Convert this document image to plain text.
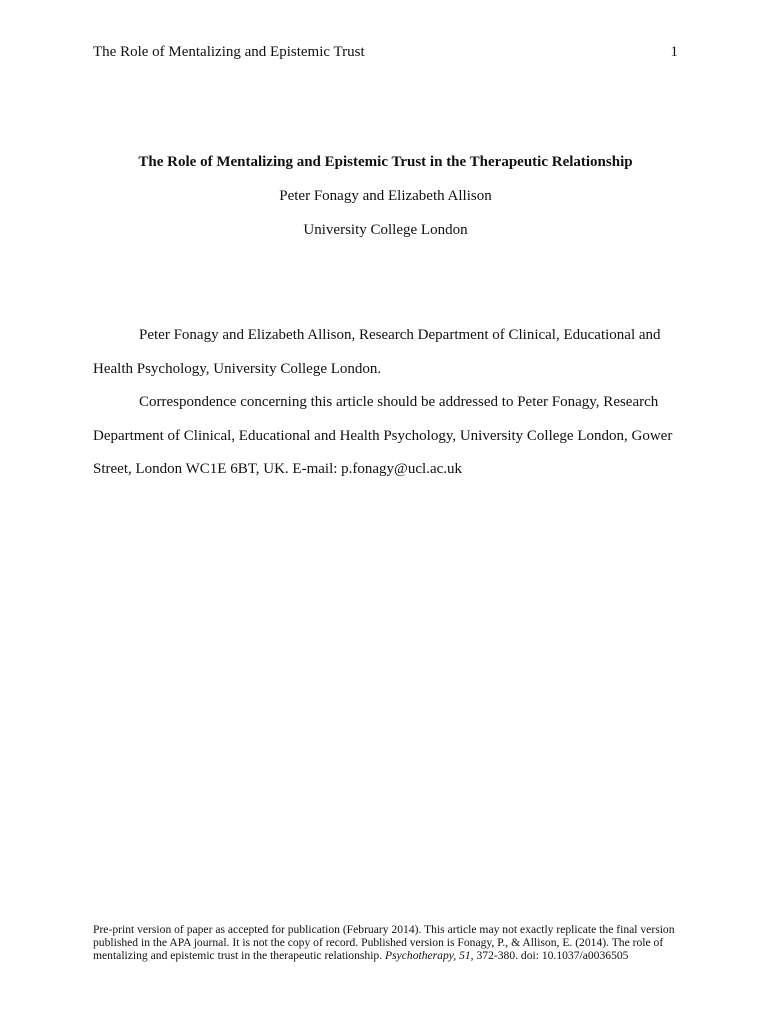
The Role of Mentalizing and Epistemic Trust	1

The Role of Mentalizing and Epistemic Trust in the Therapeutic Relationship

Peter Fonagy and Elizabeth Allison
University College London

Peter Fonagy and Elizabeth Allison, Research Department of Clinical, Educational and Health Psychology, University College London.

Correspondence concerning this article should be addressed to Peter Fonagy, Research Department of Clinical, Educational and Health Psychology, University College London, Gower Street, London WC1E 6BT, UK. E-mail: p.fonagy@ucl.ac.uk

Pre-print version of paper as accepted for publication (February 2014). This article may not exactly replicate the final version published in the APA journal. It is not the copy of record. Published version is Fonagy, P., & Allison, E. (2014). The role of mentalizing and epistemic trust in the therapeutic relationship. Psychotherapy, 51, 372-380. doi: 10.1037/a0036505
